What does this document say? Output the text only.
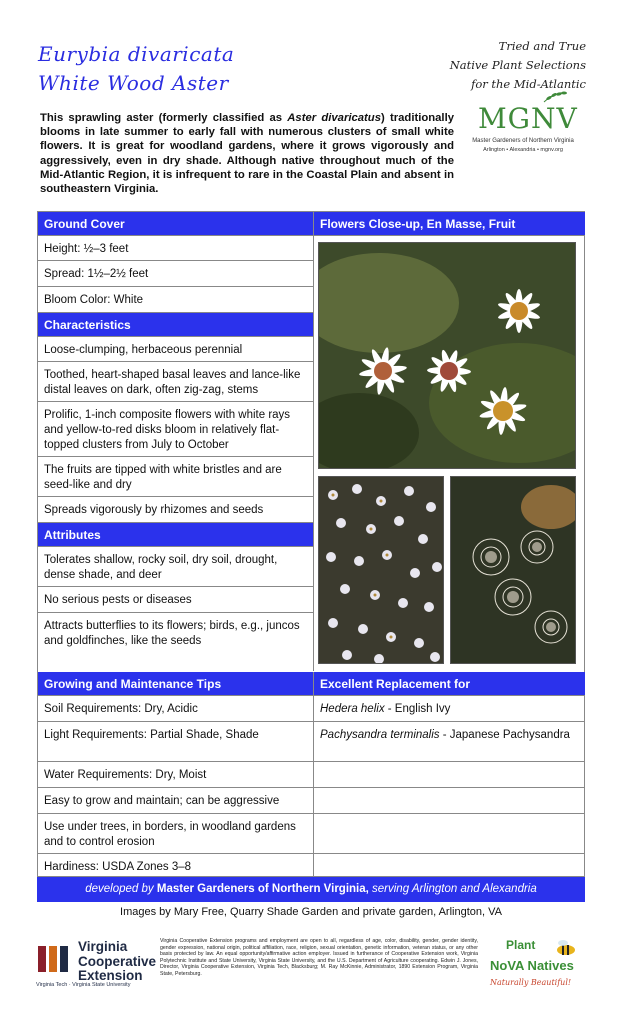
Eurybia divaricata
White Wood Aster
Tried and True
Native Plant Selections
for the Mid-Atlantic
MGNV
Master Gardeners of Northern Virginia
Arlington • Alexandria • mgnv.org

This sprawling aster (formerly classified as Aster divaricatus) traditionally blooms in late summer to early fall with numerous clusters of small white flowers. It is great for woodland gardens, where it grows vigorously and aggressively, even in dry shade. Although native throughout much of the Mid-Atlantic Region, it is infrequent to rare in the Coastal Plain and absent in southeastern Virginia.

Ground Cover
Height: ½–3 feet
Spread: 1½–2½ feet
Bloom Color: White
Characteristics
Loose-clumping, herbaceous perennial
Toothed, heart-shaped basal leaves and lance-like distal leaves on dark, often zig-zag, stems
Prolific, 1-inch composite flowers with white rays and yellow-to-red disks bloom in relatively flat-topped clusters from July to October
The fruits are tipped with white bristles and are seed-like and dry
Spreads vigorously by rhizomes and seeds
Attributes
Tolerates shallow, rocky soil, dry soil, drought, dense shade, and deer
No serious pests or diseases
Attracts butterflies to its flowers; birds, e.g., juncos and goldfinches, like the seeds
Flowers Close-up, En Masse, Fruit
Growing and Maintenance Tips
Soil Requirements: Dry, Acidic
Light Requirements: Partial Shade, Shade
Water Requirements: Dry, Moist
Easy to grow and maintain; can be aggressive
Use under trees, in borders, in woodland gardens and to control erosion
Hardiness: USDA Zones 3–8
Excellent Replacement for
Hedera helix - English Ivy
Pachysandra terminalis - Japanese Pachysandra
developed by Master Gardeners of Northern Virginia, serving Arlington and Alexandria
Images by Mary Free, Quarry Shade Garden and private garden, Arlington, VA
Virginia
Cooperative
Extension
Virginia Tech · Virginia State University

Virginia Cooperative Extension programs and employment are open to all, regardless of age, color, disability, gender, gender identity, gender expression, national origin, political affiliation, race, religion, sexual orientation, genetic information, veteran status, or any other basis protected by law. An equal opportunity/affirmative action employer. Issued in furtherance of Cooperative Extension work, Virginia Polytechnic Institute and State University, Virginia State University, and the U.S. Department of Agriculture cooperating. Edwin J. Jones, Director, Virginia Cooperative Extension, Virginia Tech, Blacksburg; M. Ray McKinnie, Administrator, 1890 Extension Program, Virginia State, Petersburg.

Plant
NoVA Natives
Naturally Beautiful!
